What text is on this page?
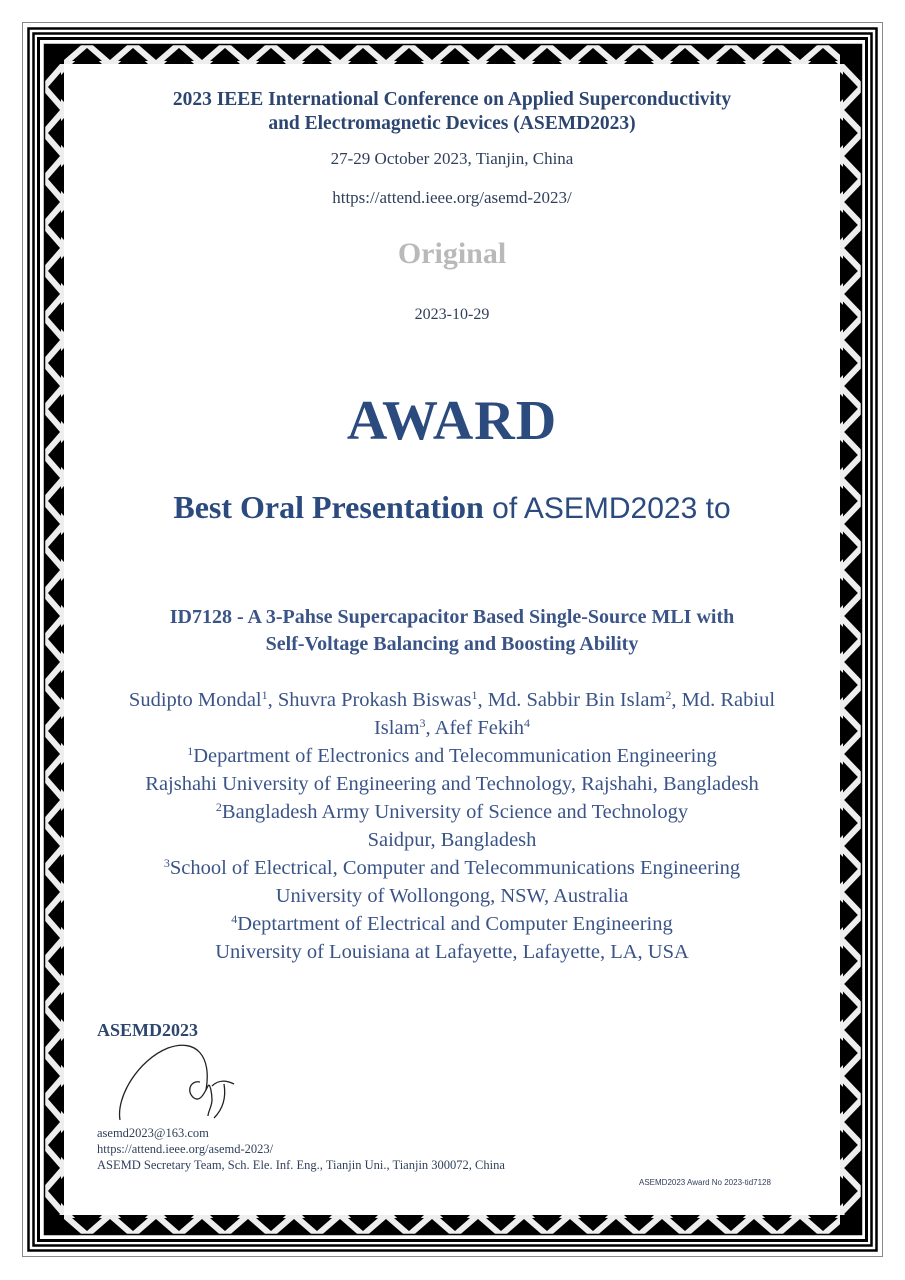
2023 IEEE International Conference on Applied Superconductivity
and Electromagnetic Devices (ASEMD2023)
27-29 October 2023, Tianjin, China
https://attend.ieee.org/asemd-2023/
Original
2023-10-29
AWARD
Best Oral Presentation of ASEMD2023 to
ID7128 - A 3-Pahse Supercapacitor Based Single-Source MLI with
Self-Voltage Balancing and Boosting Ability
Sudipto Mondal$^1$, Shuvra Prokash Biswas$^1$, Md. Sabbir Bin Islam$^2$, Md. Rabiul Islam$^3$, Afef Fekih$^4$
$^1$Department of Electronics and Telecommunication Engineering
Rajshahi University of Engineering and Technology, Rajshahi, Bangladesh
$^2$Bangladesh Army University of Science and Technology
Saidpur, Bangladesh
$^3$School of Electrical, Computer and Telecommunications Engineering
University of Wollongong, NSW, Australia
$^4$Deptartment of Electrical and Computer Engineering
University of Louisiana at Lafayette, Lafayette, LA, USA
ASEMD2023
asemd2023@163.com
https://attend.ieee.org/asemd-2023/
ASEMD Secretary Team, Sch. Ele. Inf. Eng., Tianjin Uni., Tianjin 300072, China
ASEMD2023 Award No 2023-tid7128
